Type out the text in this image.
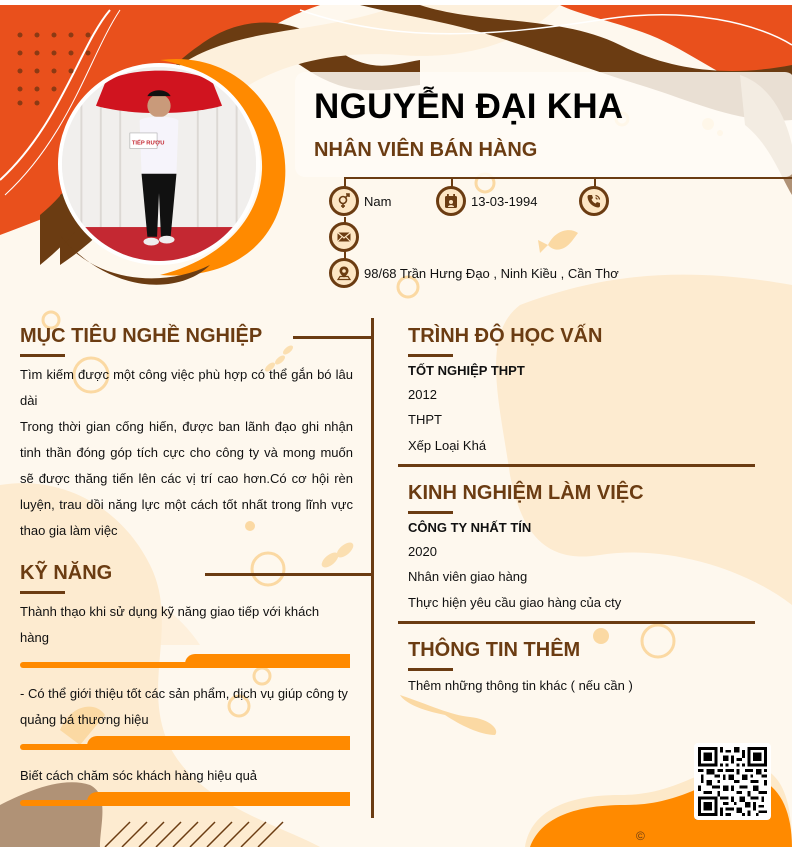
NGUYỄN ĐẠI KHA
NHÂN VIÊN BÁN HÀNG
TIẾP RƯỢU
Nam	13-03-1994
98/68 Trần Hưng Đạo , Ninh Kiều , Cần Thơ
MỤC TIÊU NGHỀ NGHIỆP
Tìm kiếm được một công việc phù hợp có thể gắn bó lâu dài
Trong thời gian cống hiến, được ban lãnh đạo ghi nhận tinh thần đóng góp tích cực cho công ty và mong muốn sẽ được thăng tiến lên các vị trí cao hơn.Có cơ hội rèn luyện, trau dồi năng lực một cách tốt nhất trong lĩnh vực thao gia làm việc
KỸ NĂNG
Thành thạo khi sử dụng kỹ năng giao tiếp với khách hàng
- Có thể giới thiệu tốt các sản phẩm, dịch vụ giúp công ty quảng bá thương hiệu
Biết cách chăm sóc khách hàng hiệu quả
TRÌNH ĐỘ HỌC VẤN
TỐT NGHIỆP THPT
2012
THPT
Xếp Loại Khá
KINH NGHIỆM LÀM VIỆC
CÔNG TY NHẤT TÍN
2020
Nhân viên giao hàng
Thực hiện yêu cầu giao hàng của cty
THÔNG TIN THÊM
Thêm những thông tin khác ( nếu cần )
©
